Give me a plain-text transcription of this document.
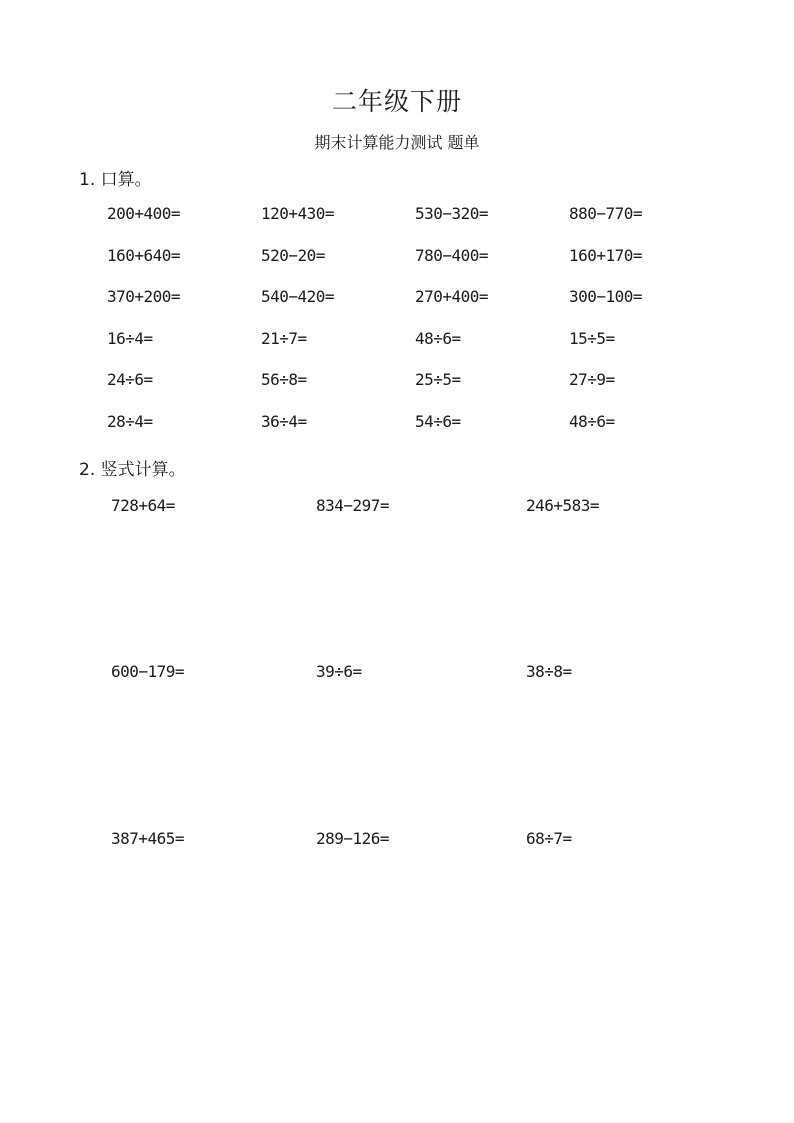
二年级下册
期末计算能力测试 题单
1. 口算。
200+400=	120+430=	530−320=	880−770=
160+640=	520−20=	780−400=	160+170=
370+200=	540−420=	270+400=	300−100=
16÷4=	21÷7=	48÷6=	15÷5=
24÷6=	56÷8=	25÷5=	27÷9=
28÷4=	36÷4=	54÷6=	48÷6=
2. 竖式计算。
728+64=	834−297=	246+583=
600−179=	39÷6=	38÷8=
387+465=	289−126=	68÷7=
